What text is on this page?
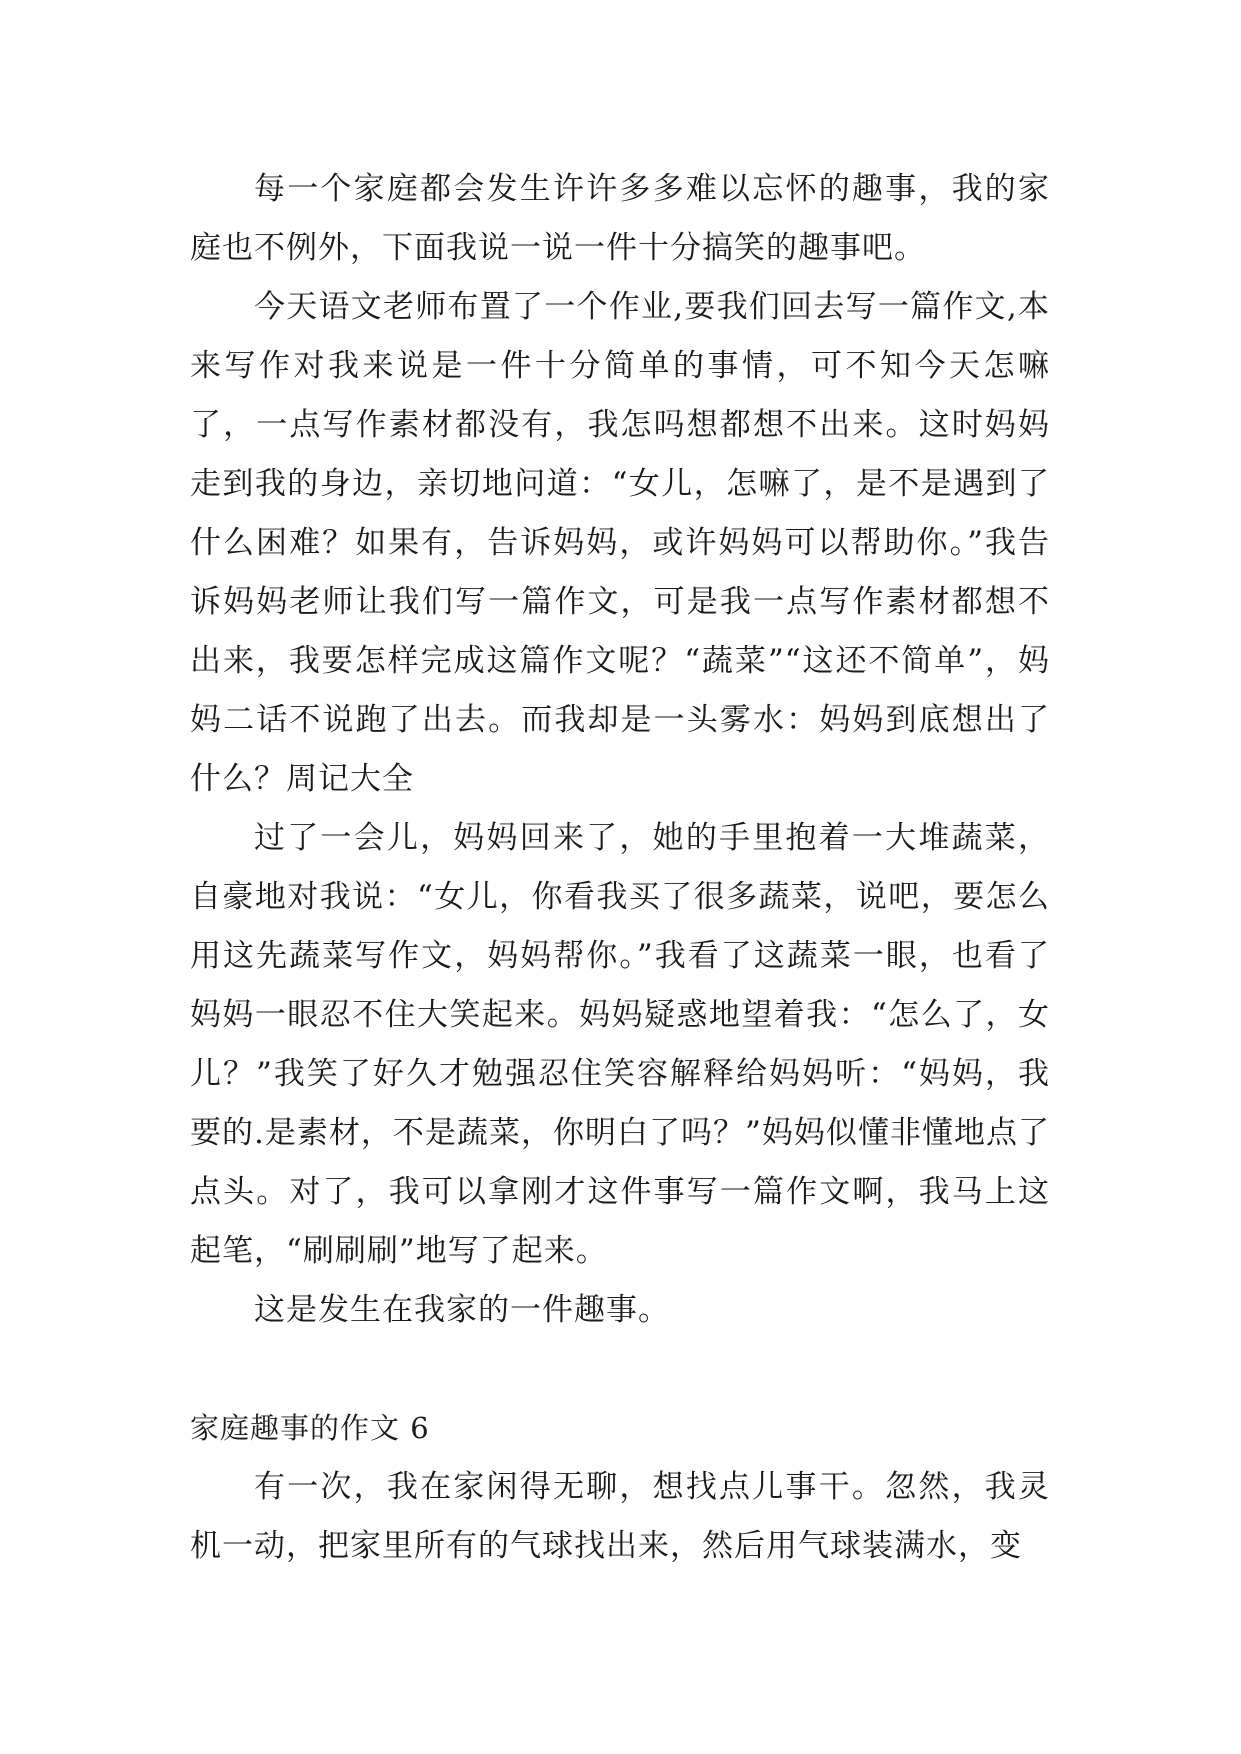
每一个家庭都会发生许许多多难以忘怀的趣事，我的家庭也不例外，下面我说一说一件十分搞笑的趣事吧。

今天语文老师布置了一个作业,要我们回去写一篇作文,本来写作对我来说是一件十分简单的事情，可不知今天怎嘛了，一点写作素材都没有，我怎吗想都想不出来。这时妈妈走到我的身边，亲切地问道：“女儿，怎嘛了，是不是遇到了什么困难？如果有，告诉妈妈，或许妈妈可以帮助你。”我告诉妈妈老师让我们写一篇作文，可是我一点写作素材都想不出来，我要怎样完成这篇作文呢？“蔬菜”“这还不简单”，妈妈二话不说跑了出去。而我却是一头雾水：妈妈到底想出了什么？周记大全

过了一会儿，妈妈回来了，她的手里抱着一大堆蔬菜，自豪地对我说：“女儿，你看我买了很多蔬菜，说吧，要怎么用这先蔬菜写作文，妈妈帮你。”我看了这蔬菜一眼，也看了妈妈一眼忍不住大笑起来。妈妈疑惑地望着我：“怎么了，女儿？”我笑了好久才勉强忍住笑容解释给妈妈听：“妈妈，我要的.是素材，不是蔬菜，你明白了吗？”妈妈似懂非懂地点了点头。对了，我可以拿刚才这件事写一篇作文啊，我马上这起笔，“刷刷刷”地写了起来。

这是发生在我家的一件趣事。

家庭趣事的作文 6

有一次，我在家闲得无聊，想找点儿事干。忽然，我灵机一动，把家里所有的气球找出来，然后用气球装满水，变
